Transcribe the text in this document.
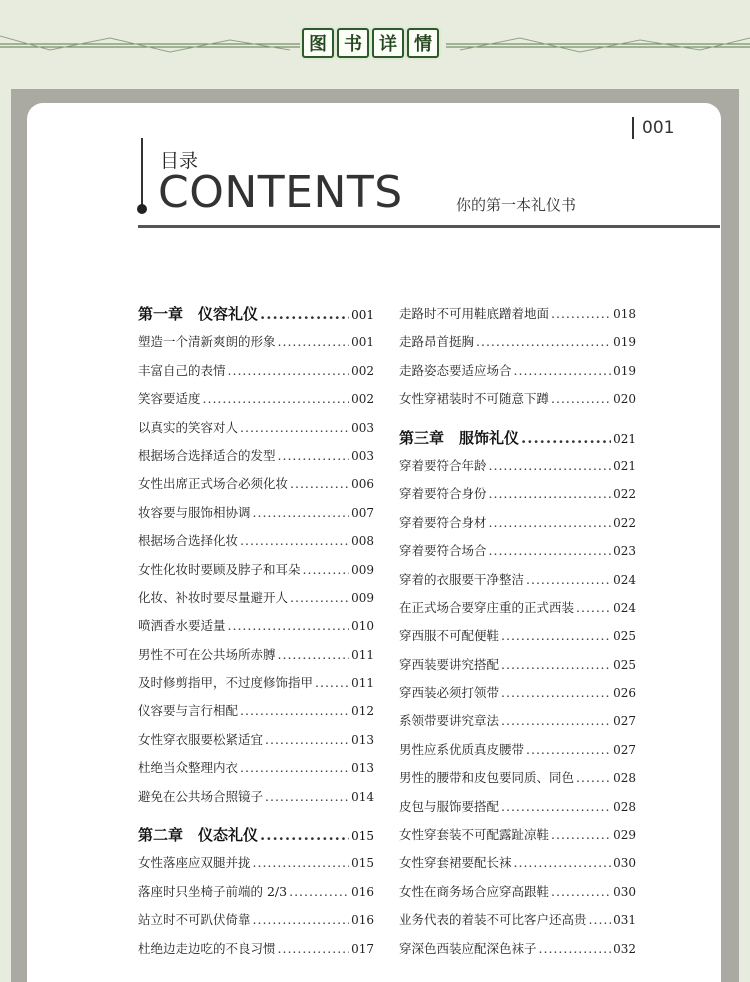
图 书 详 情
001
目录
CONTENTS	你的第一本礼仪书
第一章　仪容礼仪 .....	001
塑造一个清新爽朗的形象 .....	001
丰富自己的表情 .....	002
笑容要适度 .....	002
以真实的笑容对人 .....	003
根据场合选择适合的发型 .....	003
女性出席正式场合必须化妆 .....	006
妆容要与服饰相协调 .....	007
根据场合选择化妆 .....	008
女性化妆时要顾及脖子和耳朵 .....	009
化妆、补妆时要尽量避开人 .....	009
喷洒香水要适量 .....	010
男性不可在公共场所赤膊 .....	011
及时修剪指甲，不过度修饰指甲 .....	011
仪容要与言行相配 .....	012
女性穿衣服要松紧适宜 .....	013
杜绝当众整理内衣 .....	013
避免在公共场合照镜子 .....	014
第二章　仪态礼仪 .....	015
女性落座应双腿并拢 .....	015
落座时只坐椅子前端的 2/3 .....	016
站立时不可趴伏倚靠 .....	016
杜绝边走边吃的不良习惯 .....	017
走路时不可用鞋底蹭着地面 .....	018
走路昂首挺胸 .....	019
走路姿态要适应场合 .....	019
女性穿裙装时不可随意下蹲 .....	020
第三章　服饰礼仪 .....	021
穿着要符合年龄 .....	021
穿着要符合身份 .....	022
穿着要符合身材 .....	022
穿着要符合场合 .....	023
穿着的衣服要干净整洁 .....	024
在正式场合要穿庄重的正式西装 .....	024
穿西服不可配便鞋 .....	025
穿西装要讲究搭配 .....	025
穿西装必须打领带 .....	026
系领带要讲究章法 .....	027
男性应系优质真皮腰带 .....	027
男性的腰带和皮包要同质、同色 .....	028
皮包与服饰要搭配 .....	028
女性穿套装不可配露趾凉鞋 .....	029
女性穿套裙要配长袜 .....	030
女性在商务场合应穿高跟鞋 .....	030
业务代表的着装不可比客户还高贵 ..... 031
穿深色西装应配深色袜子 .....	032
